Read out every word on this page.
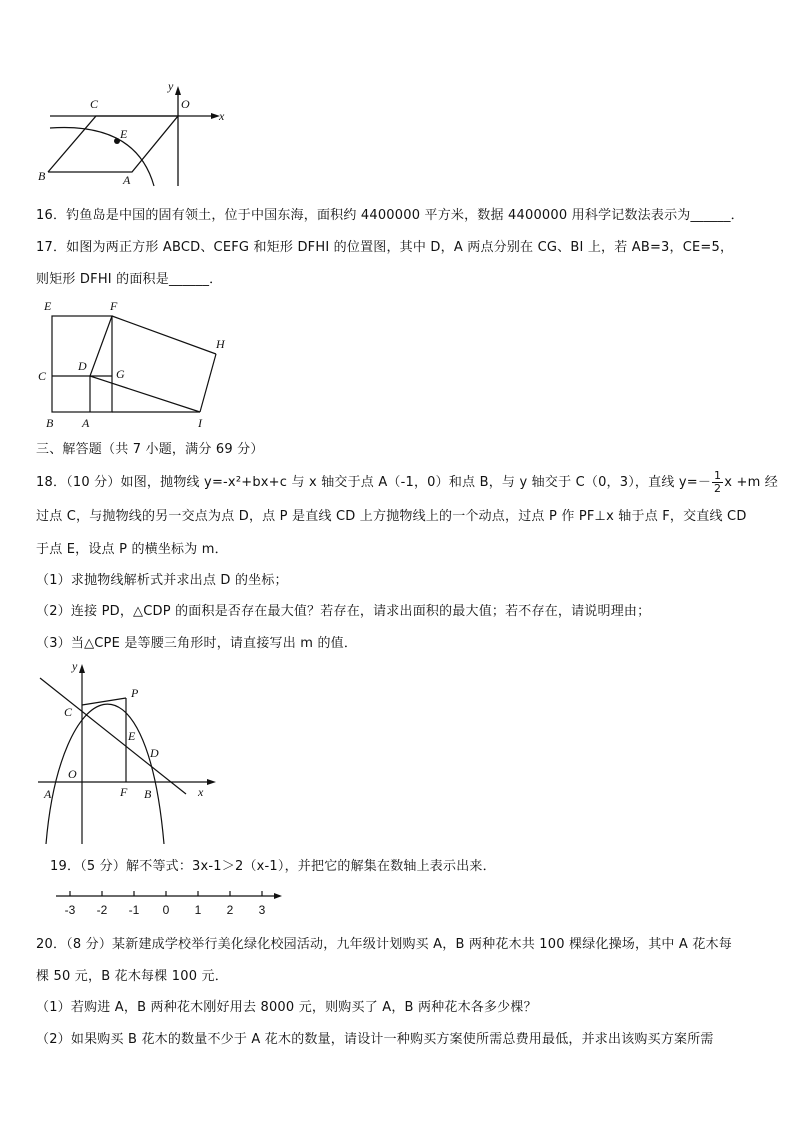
C	O
y
x
E
B	A
16．钓鱼岛是中国的固有领土，位于中国东海，面积约 4400000 平方米，数据 4400000 用科学记数法表示为______．
17．如图为两正方形 ABCD、CEFG 和矩形 DFHI 的位置图，其中 D，A 两点分别在 CG、BI 上，若 AB=3，CE=5，
则矩形 DFHI 的面积是______．
E	F
H
C
D
G
B A	I
三、解答题（共 7 小题，满分 69 分）
18．（10 分）如图，抛物线 y=-x²+bx+c 与 x 轴交于点 A（-1，0）和点 B，与 y 轴交于 C（0，3），直线 $y=- \frac{1}{2}$ x +m 经
过点 C，与抛物线的另一交点为点 D，点 P 是直线 CD 上方抛物线上的一个动点，过点 P 作 PF⊥x 轴于点 F，交直线 CD
于点 E，设点 P 的横坐标为 m．
（1）求抛物线解析式并求出点 D 的坐标；
（2）连接 PD，△CDP 的面积是否存在最大值？若存在，请求出面积的最大值；若不存在，请说明理由；
（3）当△CPE 是等腰三角形时，请直接写出 m 的值．
y
P
C
E
D
O
A	F B	x
19．（5 分）解不等式：3x-1＞2（x-1），并把它的解集在数轴上表示出来．
-3 -2 -1 0 1 2 3
20．（8 分）某新建成学校举行美化绿化校园活动，九年级计划购买 A，B 两种花木共 100 棵绿化操场，其中 A 花木每
棵 50 元，B 花木每棵 100 元．
（1）若购进 A，B 两种花木刚好用去 8000 元，则购买了 A，B 两种花木各多少棵？
（2）如果购买 B 花木的数量不少于 A 花木的数量，请设计一种购买方案使所需总费用最低，并求出该购买方案所需
